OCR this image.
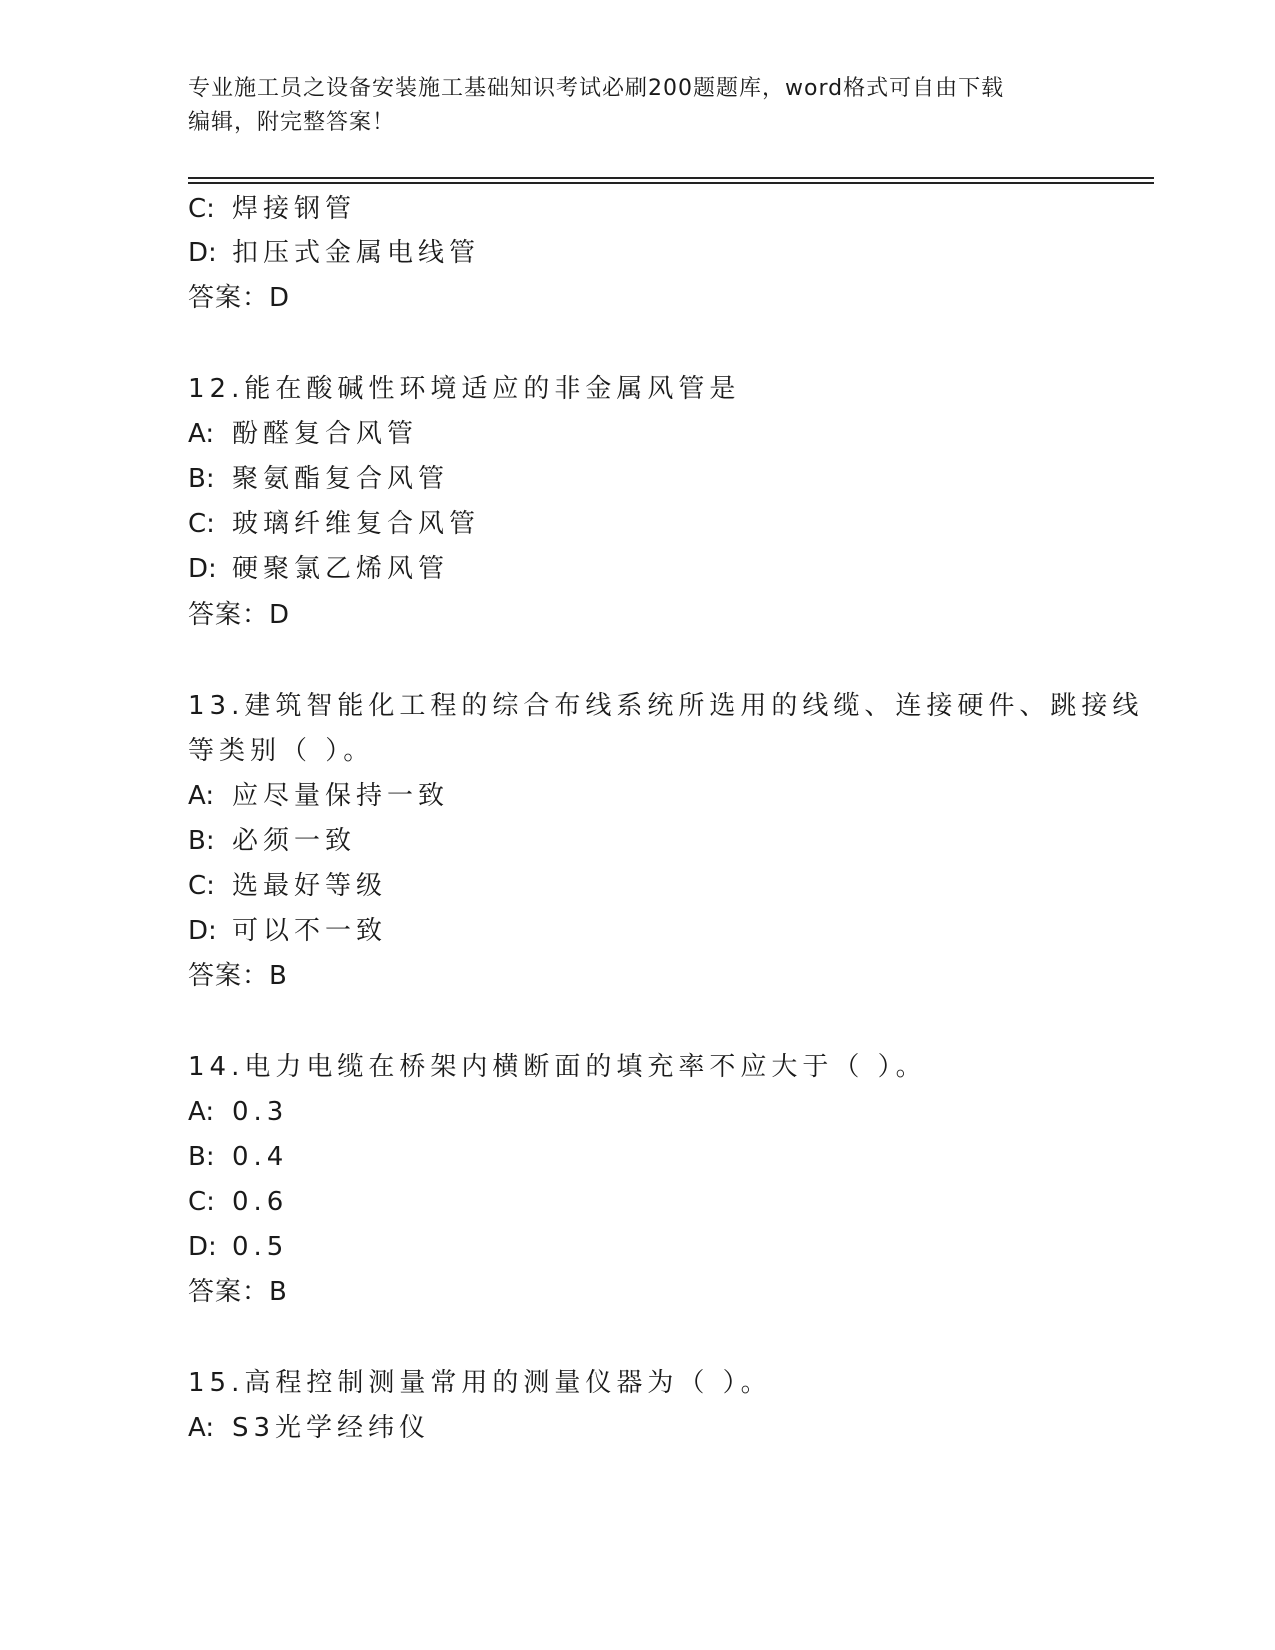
专业施工员之设备安装施工基础知识考试必刷200题题库，word格式可自由下载
编辑，附完整答案！
C: 焊接钢管
D: 扣压式金属电线管
答案：D
12.能在酸碱性环境适应的非金属风管是
A: 酚醛复合风管
B: 聚氨酯复合风管
C: 玻璃纤维复合风管
D: 硬聚氯乙烯风管
答案：D
13.建筑智能化工程的综合布线系统所选用的线缆、连接硬件、跳接线
等类别（ ）。
A: 应尽量保持一致
B: 必须一致
C: 选最好等级
D: 可以不一致
答案：B
14.电力电缆在桥架内横断面的填充率不应大于（ ）。
A: 0.3
B: 0.4
C: 0.6
D: 0.5
答案：B
15.高程控制测量常用的测量仪器为（ ）。
A: S3光学经纬仪
